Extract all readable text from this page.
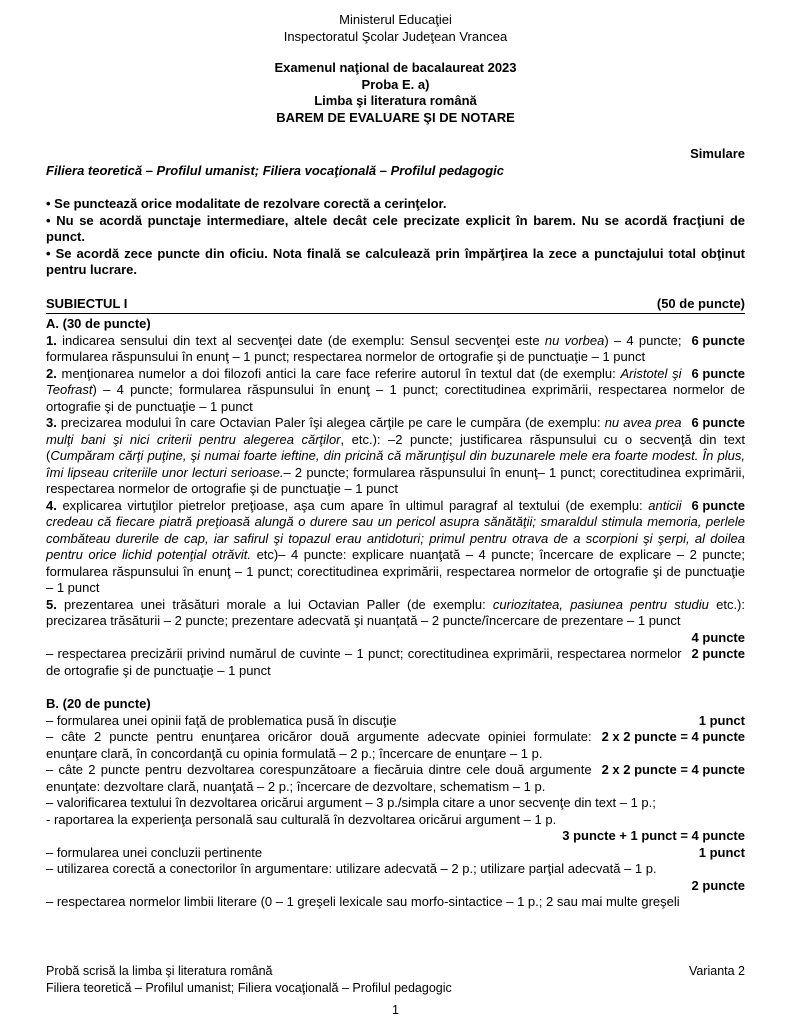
Ministerul Educaţiei
Inspectoratul Şcolar Judeţean Vrancea
Examenul naţional de bacalaureat 2023
Proba E. a)
Limba şi literatura română
BAREM DE EVALUARE ŞI DE NOTARE
Simulare
Filiera teoretică – Profilul umanist; Filiera vocaţională – Profilul pedagogic
• Se punctează orice modalitate de rezolvare corectă a cerinţelor.
• Nu se acordă punctaje intermediare, altele decât cele precizate explicit în barem. Nu se acordă fracţiuni de punct.
• Se acordă zece puncte din oficiu. Nota finală se calculează prin împărţirea la zece a punctajului total obţinut pentru lucrare.
SUBIECTUL I	(50 de puncte)
A. (30 de puncte)
6 puncte
1. indicarea sensului din text al secvenţei date (de exemplu: Sensul secvenţei este nu vorbea) – 4 puncte; formularea răspunsului în enunţ – 1 punct; respectarea normelor de ortografie şi de punctuaţie – 1 punct
6 puncte
2. menţionarea numelor a doi filozofi antici la care face referire autorul în textul dat (de exemplu: Aristotel şi Teofrast) – 4 puncte; formularea răspunsului în enunţ – 1 punct; corectitudinea exprimării, respectarea normelor de ortografie şi de punctuaţie – 1 punct
6 puncte
3. precizarea modului în care Octavian Paler îşi alegea cărţile pe care le cumpăra (de exemplu: nu avea prea mulţi bani şi nici criterii pentru alegerea cărţilor, etc.): –2 puncte; justificarea răspunsului cu o secvenţă din text (Cumpăram cărţi puţine, şi numai foarte ieftine, din pricină că mărunţişul din buzunarele mele era foarte modest. În plus, îmi lipseau criteriile unor lecturi serioase.– 2 puncte; formularea răspunsului în enunţ– 1 punct; corectitudinea exprimării, respectarea normelor de ortografie şi de punctuaţie – 1 punct
6 puncte
4. explicarea virtuţilor pietrelor preţioase, aşa cum apare în ultimul paragraf al textului (de exemplu: anticii credeau că fiecare piatră preţioasă alungă o durere sau un pericol asupra sănătăţii; smaraldul stimula memoria, perlele combăteau durerile de cap, iar safirul şi topazul erau antidoturi; primul pentru otrava de a scorpioni şi şerpi, al doilea pentru orice lichid potenţial otrăvit. etc)– 4 puncte: explicare nuanţată – 4 puncte; încercare de explicare – 2 puncte; formularea răspunsului în enunţ – 1 punct; corectitudinea exprimării, respectarea normelor de ortografie şi de punctuaţie – 1 punct
5. prezentarea unei trăsături morale a lui Octavian Paller (de exemplu: curiozitatea, pasiunea pentru studiu etc.): precizarea trăsăturii – 2 puncte; prezentare adecvată şi nuanţată – 2 puncte/încercare de prezentare – 1 punct
4 puncte
2 puncte
– respectarea precizării privind numărul de cuvinte – 1 punct; corectitudinea exprimării, respectarea normelor de ortografie şi de punctuaţie – 1 punct
B. (20 de puncte)
1 punct
– formularea unei opinii faţă de problematica pusă în discuţie
2 x 2 puncte = 4 puncte
– câte 2 puncte pentru enunţarea oricăror două argumente adecvate opiniei formulate: enunţare clară, în concordanţă cu opinia formulată – 2 p.; încercare de enunţare – 1 p.
2 x 2 puncte = 4 puncte
– câte 2 puncte pentru dezvoltarea corespunzătoare a fiecăruia dintre cele două argumente enunţate: dezvoltare clară, nuanţată – 2 p.; încercare de dezvoltare, schematism – 1 p.
– valorificarea textului în dezvoltarea oricărui argument – 3 p./simpla citare a unor secvenţe din text – 1 p.;
- raportarea la experienţa personală sau culturală în dezvoltarea oricărui argument – 1 p.
3 puncte + 1 punct = 4 puncte
1 punct
– formularea unei concluzii pertinente
– utilizarea corectă a conectorilor în argumentare: utilizare adecvată – 2 p.; utilizare parţial adecvată – 1 p.
2 puncte
– respectarea normelor limbii literare (0 – 1 greşeli lexicale sau morfo-sintactice – 1 p.; 2 sau mai multe greşeli
Probă scrisă la limba şi literatura română	Varianta 2
Filiera teoretică – Profilul umanist; Filiera vocaţională – Profilul pedagogic
1
